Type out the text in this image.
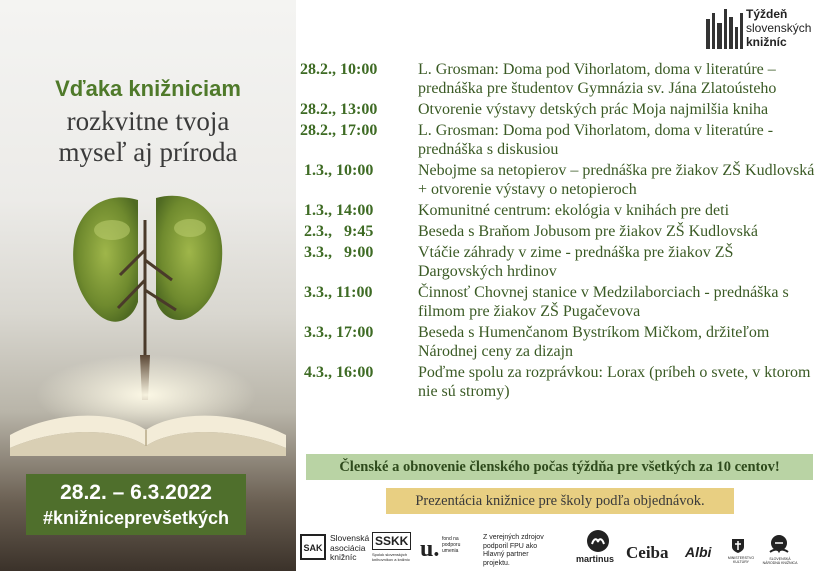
Vďaka knižniciam
rozkvitne tvoja
myseľ aj príroda
28.2. – 6.3.2022
#knižniceprevšetkých
Týždeň
slovenských
knižníc
28.2., 10:00	L. Grosman: Doma pod Vihorlatom, doma v literatúre – prednáška pre študentov Gymnázia sv. Jána Zlatoústeho
28.2., 13:00	Otvorenie výstavy detských prác Moja najmilšia kniha
28.2., 17:00	L. Grosman: Doma pod Vihorlatom, doma v literatúre - prednáška s diskusiou
1.3., 10:00	Nebojme sa netopierov – prednáška pre žiakov ZŠ Kudlovská + otvorenie výstavy o netopieroch
1.3., 14:00	Komunitné centrum: ekológia v knihách pre deti
2.3.,   9:45	Beseda s Braňom Jobusom pre žiakov ZŠ Kudlovská
3.3.,   9:00	Vtáčie záhrady v zime - prednáška pre žiakov ZŠ Dargovských hrdinov
3.3., 11:00	Činnosť Chovnej stanice v Medzilaborciach - prednáška s filmom pre žiakov ZŠ Pugačevova
3.3., 17:00	Beseda s Humenčanom Bystríkom Mičkom, držiteľom Národnej ceny za dizajn
4.3., 16:00	Poďme spolu za rozprávkou: Lorax (príbeh o svete, v ktorom nie sú stromy)
Členské a obnovenie členského počas týždňa pre všetkých za 10 centov!
Prezentácia knižnice pre školy podľa objednávok.
SAK
Slovenská asociácia knižníc
SSKK
Spolok slovenských knihovníkov a knižníc u. fond na podporu umenia
Z verejných zdrojov podporil FPU ako Hlavný partner projektu.	martinus Ceiba Albi	MINISTERSTVO KULTÚRY
SLOVENSKÁ NÁRODNÁ KNIŽNICA
